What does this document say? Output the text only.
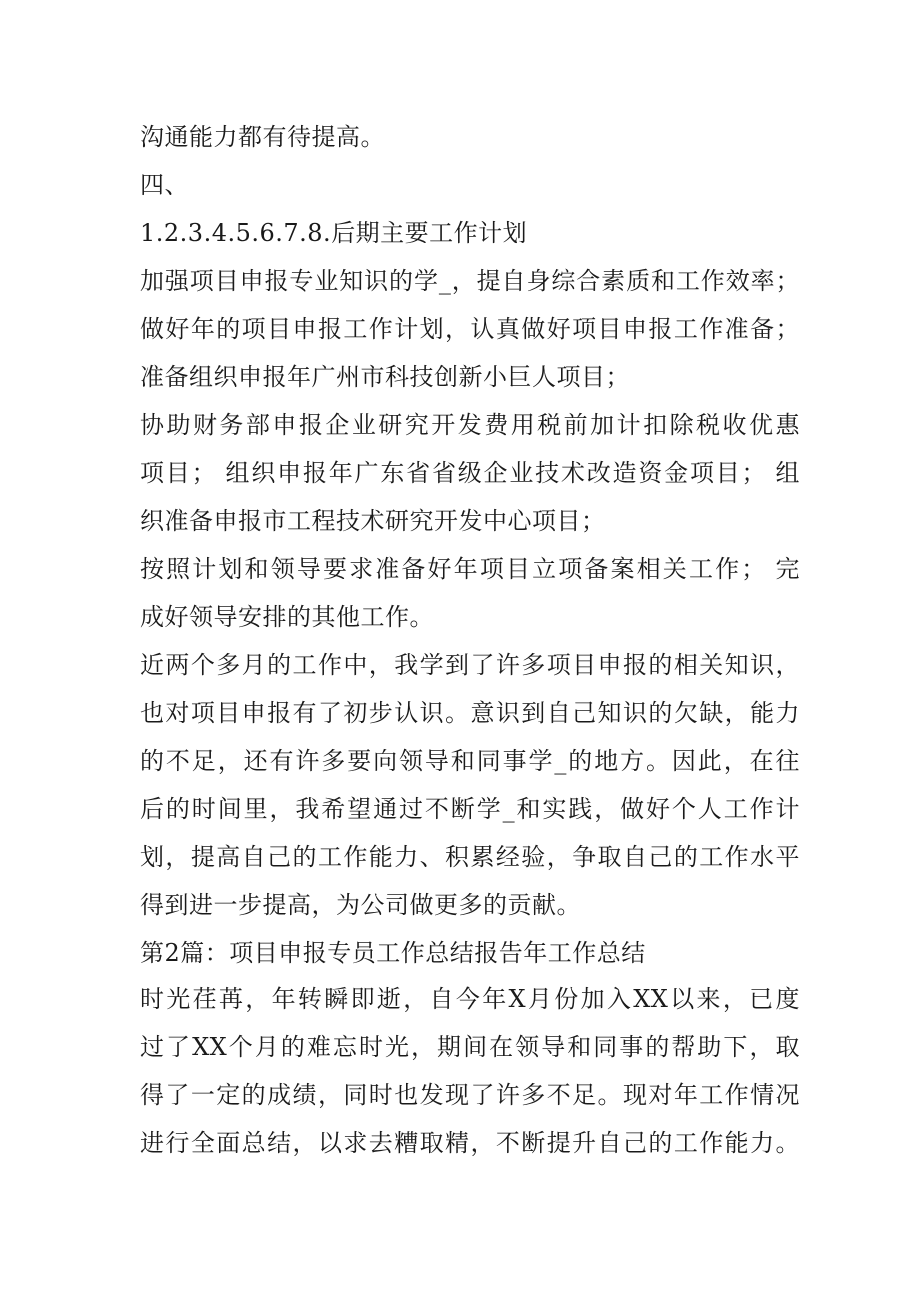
沟通能力都有待提高。
四、
1.2.3.4.5.6.7.8.后期主要工作计划
加强项目申报专业知识的学_，提自身综合素质和工作效率；
做好年的项目申报工作计划，认真做好项目申报工作准备；
准备组织申报年广州市科技创新小巨人项目；
协助财务部申报企业研究开发费用税前加计扣除税收优惠
项目； 组织申报年广东省省级企业技术改造资金项目； 组
织准备申报市工程技术研究开发中心项目；
按照计划和领导要求准备好年项目立项备案相关工作； 完
成好领导安排的其他工作。
近两个多月的工作中，我学到了许多项目申报的相关知识，
也对项目申报有了初步认识。意识到自己知识的欠缺，能力
的不足，还有许多要向领导和同事学_的地方。因此，在往
后的时间里，我希望通过不断学_和实践，做好个人工作计
划，提高自己的工作能力、积累经验，争取自己的工作水平
得到进一步提高，为公司做更多的贡献。
第2篇：项目申报专员工作总结报告年工作总结
时光荏苒，年转瞬即逝，自今年X月份加入XX以来，已度
过了XX个月的难忘时光，期间在领导和同事的帮助下，取
得了一定的成绩，同时也发现了许多不足。现对年工作情况
进行全面总结，以求去糟取精，不断提升自己的工作能力。
